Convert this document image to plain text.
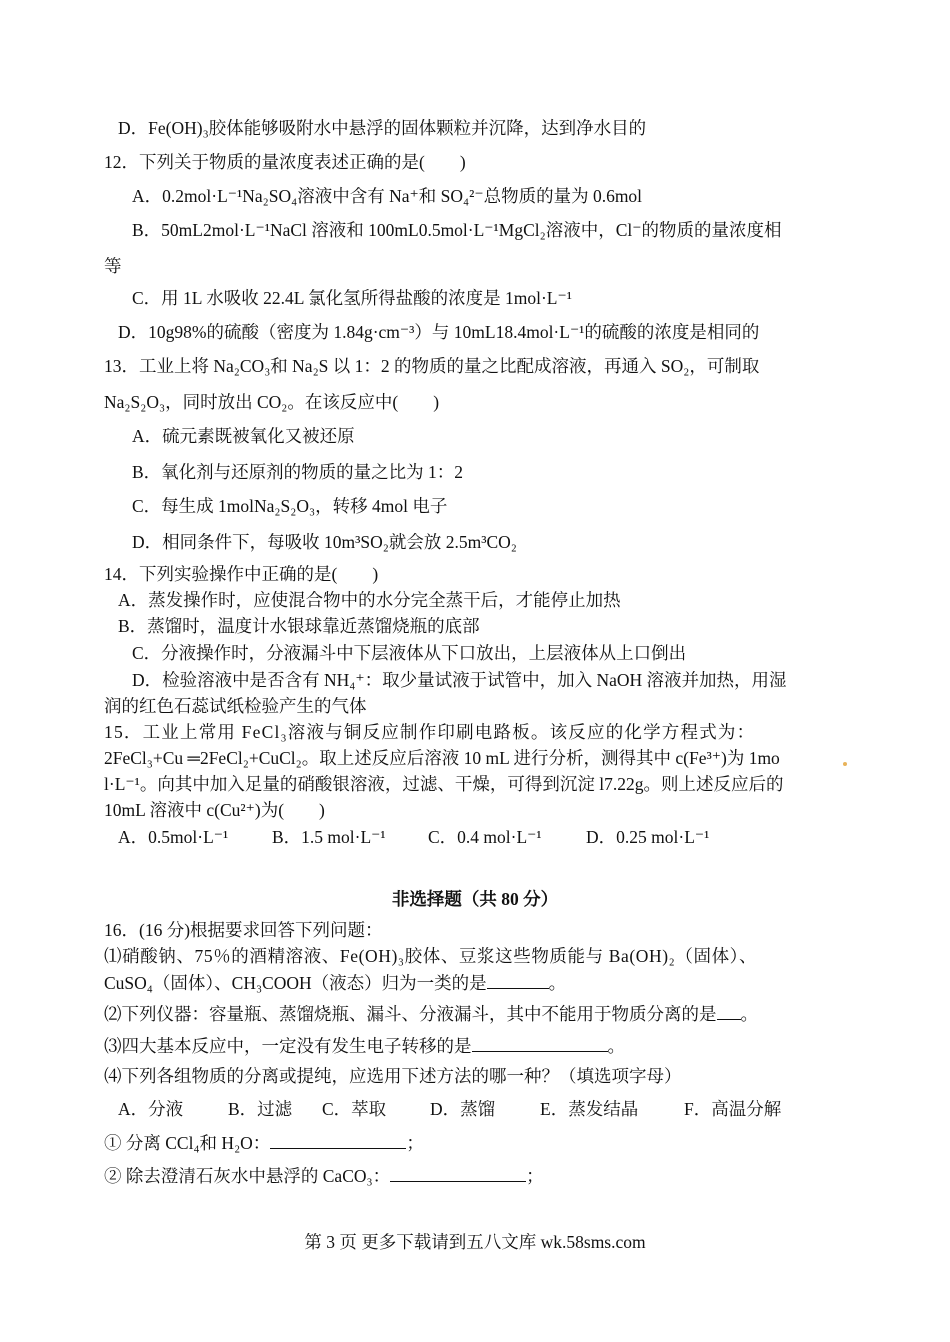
D．Fe(OH)₃胶体能够吸附水中悬浮的固体颗粒并沉降，达到净水目的
12．下列关于物质的量浓度表述正确的是(　　)
A．0.2mol·L⁻¹Na₂SO₄溶液中含有 Na⁺和 SO₄²⁻总物质的量为 0.6mol
B．50mL2mol·L⁻¹NaCl 溶液和 100mL0.5mol·L⁻¹MgCl₂溶液中，Cl⁻的物质的量浓度相
等
C．用 1L 水吸收 22.4L 氯化氢所得盐酸的浓度是 1mol·L⁻¹
D．10g98%的硫酸（密度为 1.84g·cm⁻³）与 10mL18.4mol·L⁻¹的硫酸的浓度是相同的
13．工业上将 Na₂CO₃和 Na₂S 以 1：2 的物质的量之比配成溶液，再通入 SO₂，可制取
Na₂S₂O₃，同时放出 CO₂。在该反应中(　　)
A．硫元素既被氧化又被还原
B．氧化剂与还原剂的物质的量之比为 1：2
C．每生成 1molNa₂S₂O₃，转移 4mol 电子
D．相同条件下，每吸收 10m³SO₂就会放 2.5m³CO₂
14．下列实验操作中正确的是(　　)
A．蒸发操作时，应使混合物中的水分完全蒸干后，才能停止加热
B．蒸馏时，温度计水银球靠近蒸馏烧瓶的底部
C．分液操作时，分液漏斗中下层液体从下口放出，上层液体从上口倒出
D．检验溶液中是否含有 NH₄⁺：取少量试液于试管中，加入 NaOH 溶液并加热，用湿
润的红色石蕊试纸检验产生的气体
15．工业上常用 FeCl₃溶液与铜反应制作印刷电路板。该反应的化学方程式为：
2FeCl₃+Cu ═2FeCl₂+CuCl₂。取上述反应后溶液 10 mL 进行分析，测得其中 c(Fe³⁺)为 1mo
l·L⁻¹。向其中加入足量的硝酸银溶液，过滤、干燥，可得到沉淀 l7.22g。则上述反应后的
10mL 溶液中 c(Cu²⁺)为(　　)
A．0.5mol·L⁻¹	B．1.5 mol·L⁻¹ C．0.4 mol·L⁻¹	D．0.25 mol·L⁻¹
非选择题（共 80 分）
16．(16 分)根据要求回答下列问题：
⑴硝酸钠、75％的酒精溶液、Fe(OH)₃胶体、豆浆这些物质能与 Ba(OH)₂（固体）、
CuSO₄（固体）、CH₃COOH（液态）归为一类的是	。
⑵下列仪器：容量瓶、蒸馏烧瓶、漏斗、分液漏斗，其中不能用于物质分离的是 。
⑶四大基本反应中，一定没有发生电子转移的是	。
⑷下列各组物质的分离或提纯，应选用下述方法的哪一种？（填选项字母）
A．分液	B．过滤 C．萃取	D．蒸馏	E．蒸发结晶	F．高温分解
① 分离 CCl₄和 H₂O：	；
② 除去澄清石灰水中悬浮的 CaCO₃：	；
第 3 页 更多下载请到五八文库 wk.58sms.com
